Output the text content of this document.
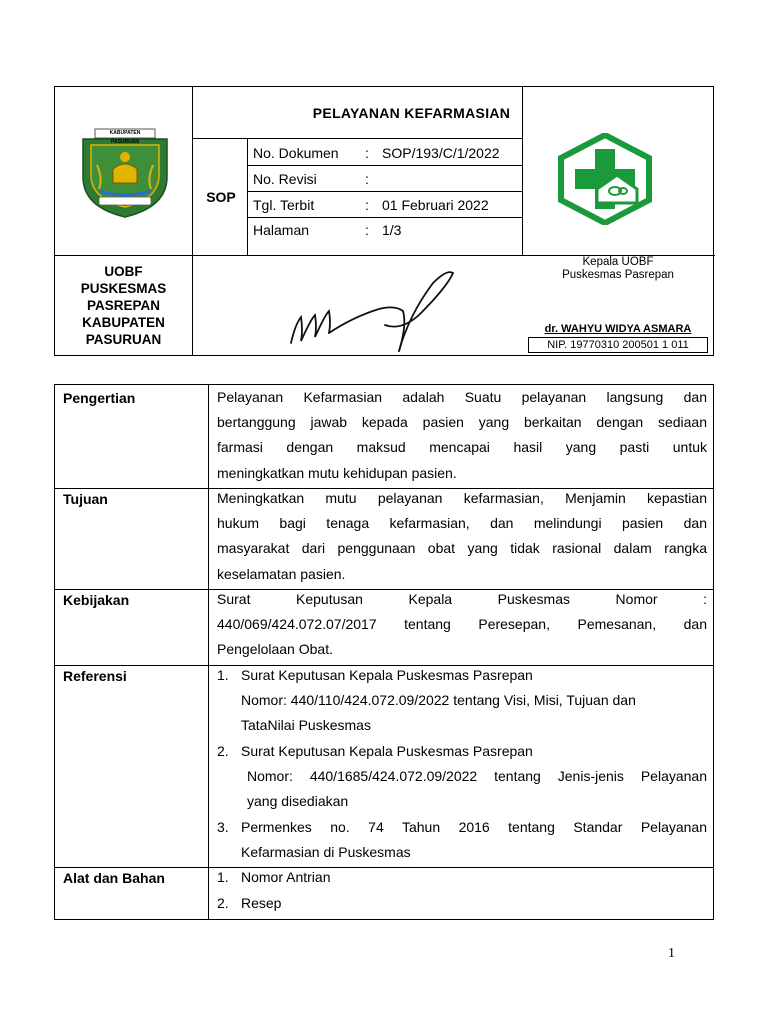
KABUPATEN PASURUAN
PELAYANAN KEFARMASIAN
SOP
No. Dokumen : SOP/193/C/1/2022
No. Revisi	:
Tgl. Terbit	: 01 Februari 2022
Halaman	: 1/3
UOBF
PUSKESMAS
PASREPAN
KABUPATEN
PASURUAN
Kepala UOBF
Puskesmas Pasrepan
dr. WAHYU WIDYA ASMARA
NIP. 19770310 200501 1 011
Pengertian	Pelayanan Kefarmasian adalah Suatu pelayanan langsung dan
bertanggung jawab kepada pasien yang berkaitan dengan sediaan
farmasi dengan maksud mencapai hasil yang pasti untuk
meningkatkan mutu kehidupan pasien.
Tujuan	Meningkatkan mutu pelayanan kefarmasian, Menjamin kepastian
hukum bagi tenaga kefarmasian, dan melindungi pasien dan
masyarakat dari penggunaan obat yang tidak rasional dalam rangka
keselamatan pasien.
Kebijakan	Surat Keputusan Kepala Puskesmas Nomor :
440/069/424.072.07/2017 tentang Peresepan, Pemesanan, dan
Pengelolaan Obat.
Referensi	1. Surat Keputusan Kepala Puskesmas Pasrepan
Nomor: 440/110/424.072.09/2022 tentang Visi, Misi, Tujuan dan
TataNilai Puskesmas
2. Surat Keputusan Kepala Puskesmas Pasrepan
Nomor: 440/1685/424.072.09/2022 tentang Jenis-jenis Pelayanan
yang disediakan
3. Permenkes no. 74 Tahun 2016 tentang Standar Pelayanan
Kefarmasian di Puskesmas
Alat dan Bahan	1. Nomor Antrian
2. Resep
1
